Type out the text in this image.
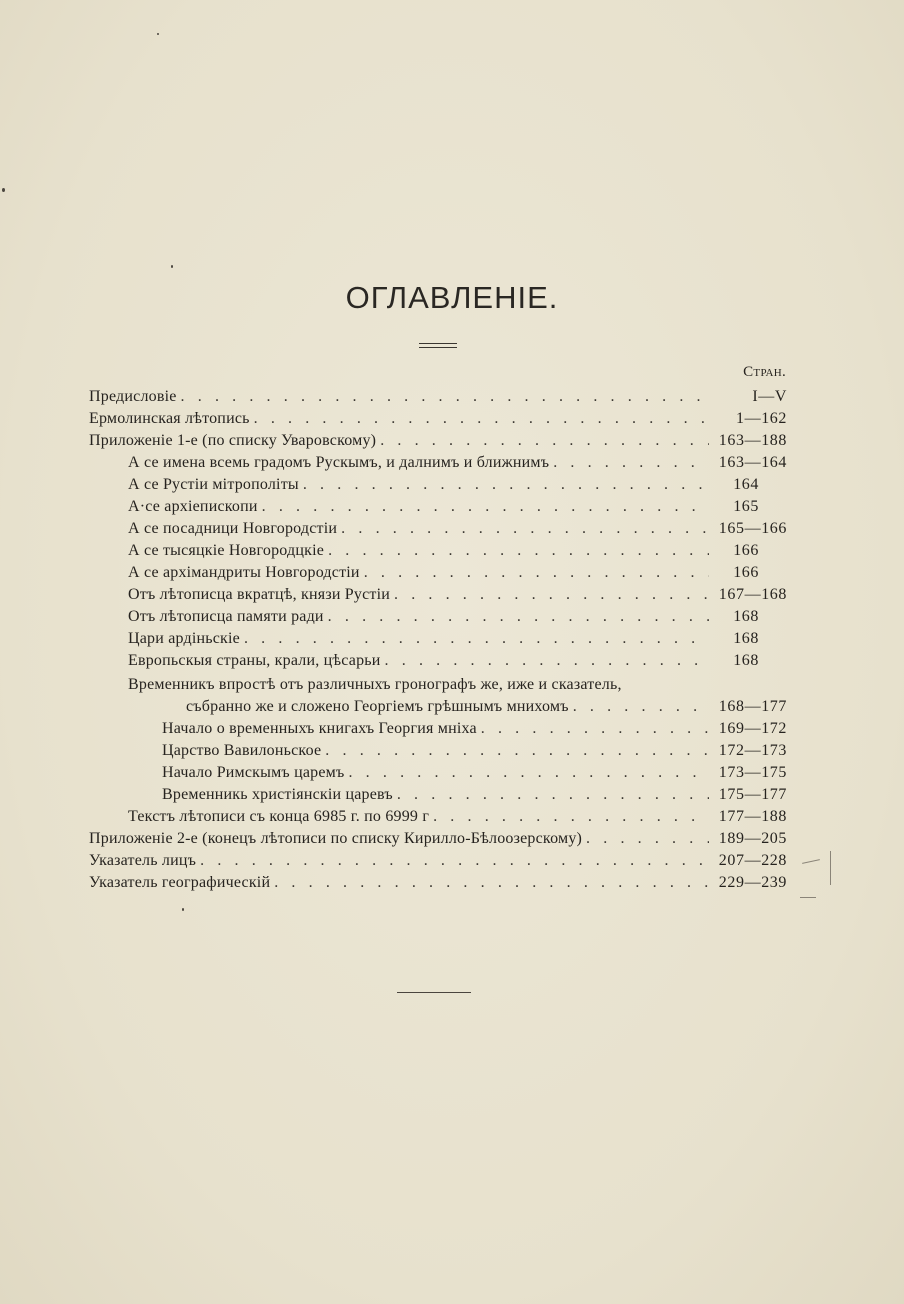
ОГЛАВЛЕНIЕ.
Стран.
Предисловiе . . .	I—V
Ермолинская лѣтопись . . .	1—162
Приложенiе 1-е (по списку Уваровскому) . . .	163—188
А се имена всемь градомъ Рускымъ, и далнимъ и ближнимъ . . .	163—164
А се Рустiи мiтрополiты . . .	164
А·се архiепископи . . .	165
А се посадници Новгородстiи . . .	165—166
А се тысяцкiе Новгородцкiе . . .	166
А се архiмандриты Новгородстiи . . .	166
Отъ лѣтописца вкратцѣ, князи Рустiи . . .	167—168
Отъ лѣтописца памяти ради . . .	168
Цари ардiньскiе . . .	168
Европьскыя страны, крали, цѣсарьи . . .	168
Временникъ впростѣ отъ различныхъ гронографъ же, иже и сказатель,
събранно же и сложено Георгiемъ грѣшнымъ мнихомъ . . .	168—177
Начало о временныхъ книгахъ Георгия мнiха . . .	169—172
Царство Вавилоньское . . .	172—173
Начало Римскымъ царемъ . . .	173—175
Временникь христiянскiи царевъ . . .	175—177
Текстъ лѣтописи съ конца 6985 г. по 6999 г . . .	177—188
Приложенiе 2-е (конецъ лѣтописи по списку Кирилло-Бѣлоозерскому) . . .	189—205
Указатель лицъ . . .	207—228
Указатель географическiй . . .	229—239
